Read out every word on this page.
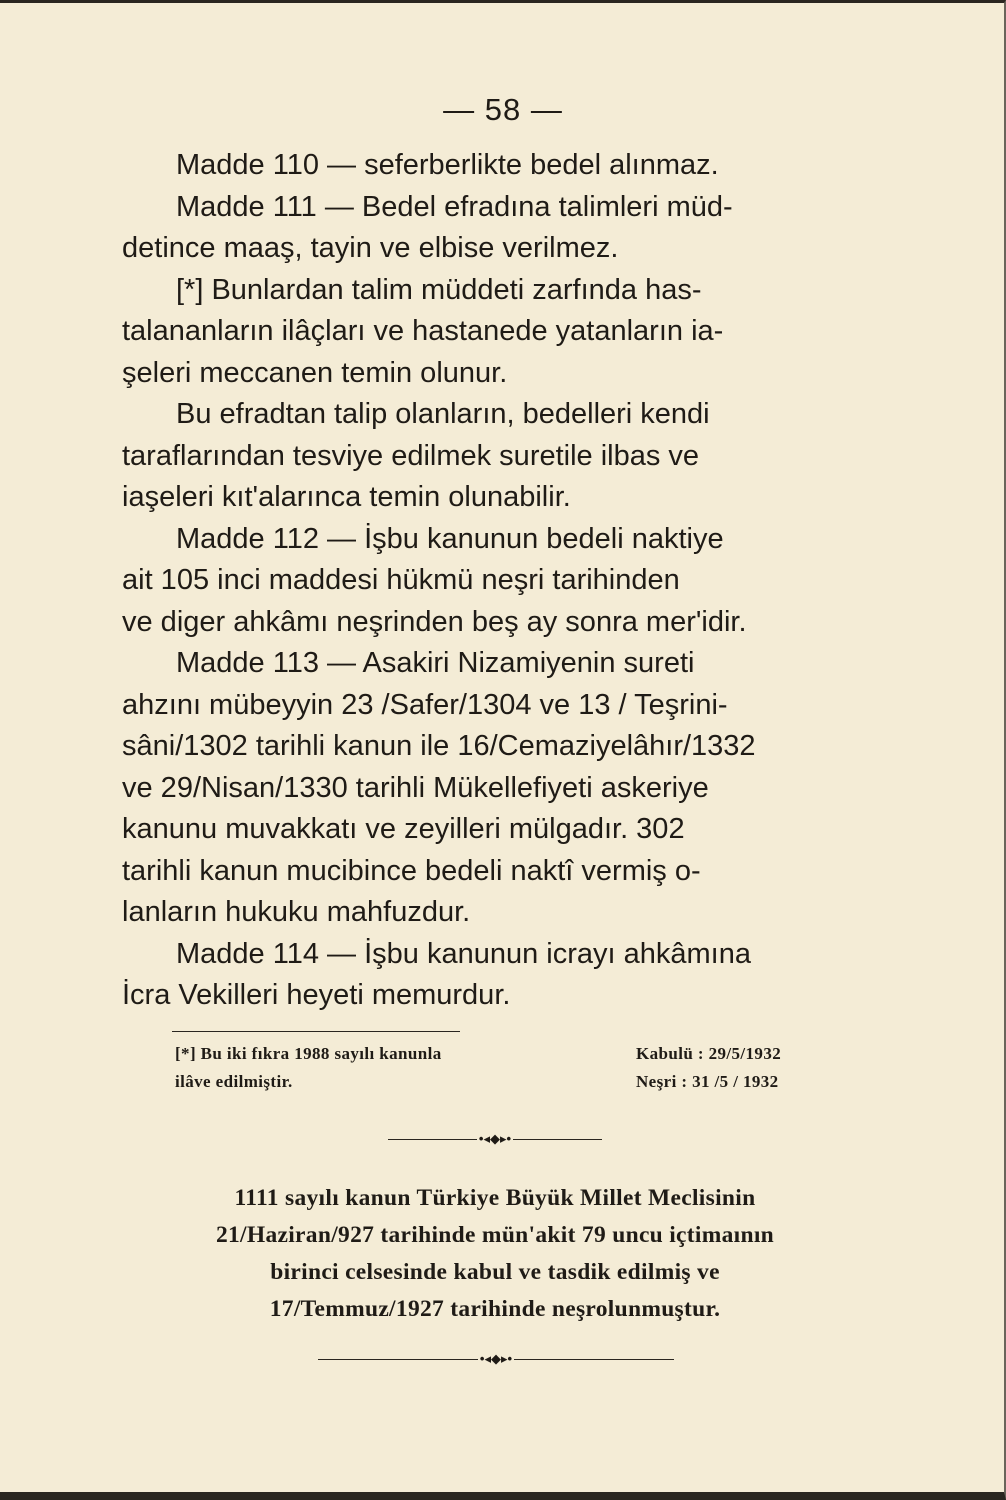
— 58 —

Madde 110 — seferberlikte bedel alınmaz.

Madde 111 — Bedel efradına talimleri müd-
detince maaş, tayin ve elbise verilmez.

[*] Bunlardan talim müddeti zarfında has-
talananların ilâçları ve hastanede yatanların ia-
şeleri meccanen temin olunur.

Bu efradtan talip olanların, bedelleri kendi
taraflarından tesviye edilmek suretile ilbas ve
iaşeleri kıt'alarınca temin olunabilir.

Madde 112 — İşbu kanunun bedeli naktiye
ait 105 inci maddesi hükmü neşri tarihinden
ve diger ahkâmı neşrinden beş ay sonra mer'idir.

Madde 113 — Asakiri Nizamiyenin sureti
ahzını mübeyyin 23 /Safer/1304 ve 13 / Teşrini-
sâni/1302 tarihli kanun ile 16/Cemaziyelâhır/1332
ve 29/Nisan/1330 tarihli Mükellefiyeti askeriye
kanunu muvakkatı ve zeyilleri mülgadır. 302
tarihli kanun mucibince bedeli naktî vermiş o-
lanların hukuku mahfuzdur.

Madde 114 — İşbu kanunun icrayı ahkâmına
İcra Vekilleri heyeti memurdur.

[*] Bu iki fıkra 1988 sayılı kanunla

ilâve edilmiştir.

Kabulü : 29/5/1932

Neşri : 31 /5 / 1932

•◂◆▸•

1111 sayılı kanun Türkiye Büyük Millet Meclisinin

21/Haziran/927 tarihinde mün'akit 79 uncu içtimaının

birinci celsesinde kabul ve tasdik edilmiş ve

17/Temmuz/1927 tarihinde neşrolunmuştur.

•◂◆▸•
